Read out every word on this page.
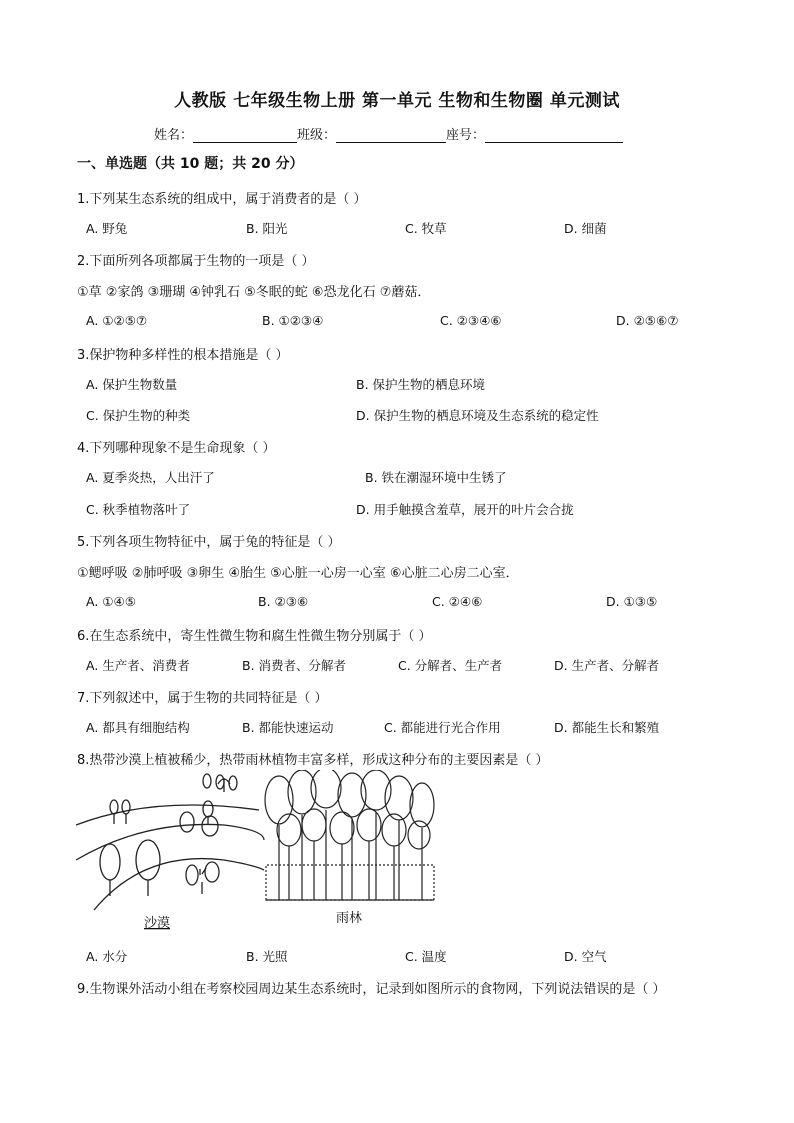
人教版 七年级生物上册 第一单元 生物和生物圈 单元测试
姓名：	班级：	座号：
一、单选题（共 10 题；共 20 分）
1.下列某生态系统的组成中，属于消费者的是（ ）
A. 野兔	B. 阳光	C. 牧草	D. 细菌
2.下面所列各项都属于生物的一项是（ ）
①草 ②家鸽 ③珊瑚 ④钟乳石 ⑤冬眠的蛇 ⑥恐龙化石 ⑦蘑菇．
A. ①②⑤⑦	B. ①②③④	C. ②③④⑥	D. ②⑤⑥⑦
3.保护物种多样性的根本措施是（ ）
A. 保护生物数量	B. 保护生物的栖息环境
C. 保护生物的种类	D. 保护生物的栖息环境及生态系统的稳定性
4.下列哪种现象不是生命现象（ ）
A. 夏季炎热，人出汗了	B. 铁在潮湿环境中生锈了
C. 秋季植物落叶了	D. 用手触摸含羞草，展开的叶片会合拢
5.下列各项生物特征中，属于兔的特征是（ ）
①鳃呼吸 ②肺呼吸 ③卵生 ④胎生 ⑤心脏一心房一心室 ⑥心脏二心房二心室．
A. ①④⑤	B. ②③⑥	C. ②④⑥	D. ①③⑤
6.在生态系统中，寄生性微生物和腐生性微生物分别属于（ ）
A. 生产者、消费者	B. 消费者、分解者	C. 分解者、生产者	D. 生产者、分解者
7.下列叙述中，属于生物的共同特征是（ ）
A. 都具有细胞结构	B. 都能快速运动	C. 都能进行光合作用	D. 都能生长和繁殖
8.热带沙漠上植被稀少，热带雨林植物丰富多样，形成这种分布的主要因素是（ ）
沙漠	雨林
A. 水分	B. 光照	C. 温度	D. 空气
9.生物课外活动小组在考察校园周边某生态系统时，记录到如图所示的食物网，下列说法错误的是（ ）
